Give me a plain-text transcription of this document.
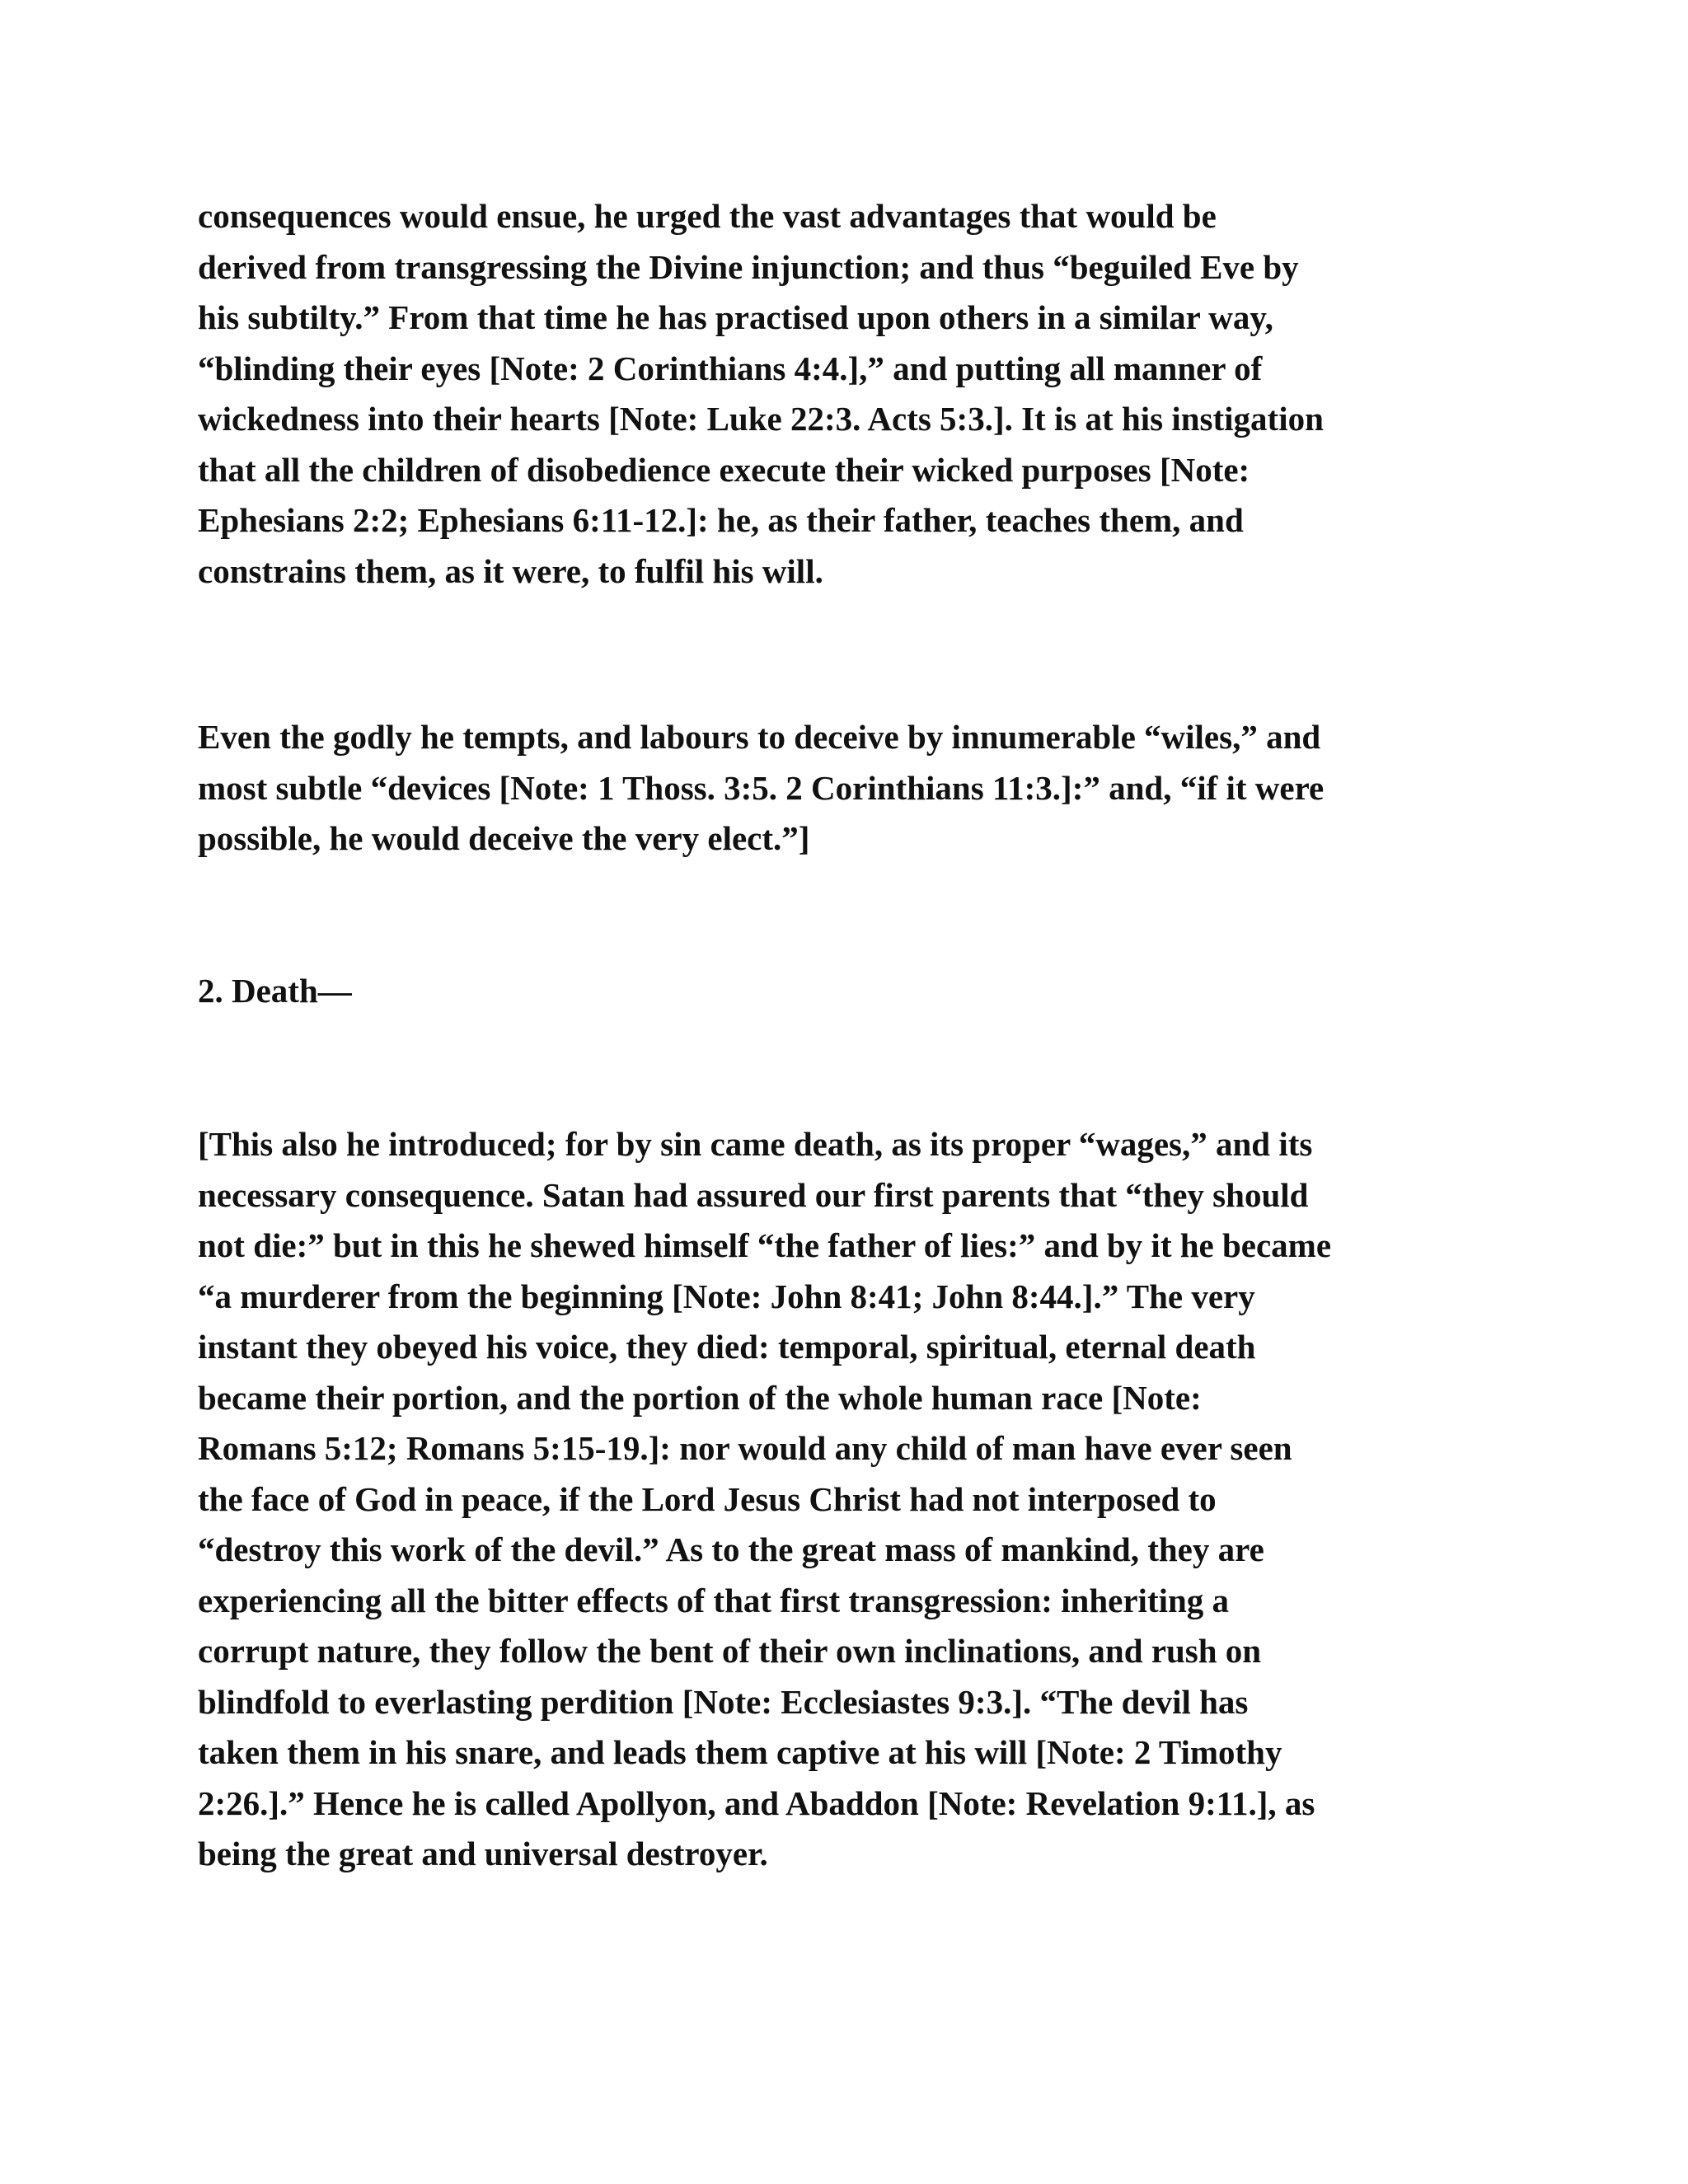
consequences would ensue, he urged the vast advantages that would be
derived from transgressing the Divine injunction; and thus “beguiled Eve by
his subtilty.” From that time he has practised upon others in a similar way,
“blinding their eyes [Note: 2 Corinthians 4:4.],” and putting all manner of
wickedness into their hearts [Note: Luke 22:3. Acts 5:3.]. It is at his instigation
that all the children of disobedience execute their wicked purposes [Note:
Ephesians 2:2; Ephesians 6:11-12.]: he, as their father, teaches them, and
constrains them, as it were, to fulfil his will.

Even the godly he tempts, and labours to deceive by innumerable “wiles,” and
most subtle “devices [Note: 1 Thoss. 3:5. 2 Corinthians 11:3.]:” and, “if it were
possible, he would deceive the very elect.”]

2. Death—

[This also he introduced; for by sin came death, as its proper “wages,” and its
necessary consequence. Satan had assured our first parents that “they should
not die:” but in this he shewed himself “the father of lies:” and by it he became
“a murderer from the beginning [Note: John 8:41; John 8:44.].” The very
instant they obeyed his voice, they died: temporal, spiritual, eternal death
became their portion, and the portion of the whole human race [Note:
Romans 5:12; Romans 5:15-19.]: nor would any child of man have ever seen
the face of God in peace, if the Lord Jesus Christ had not interposed to
“destroy this work of the devil.” As to the great mass of mankind, they are
experiencing all the bitter effects of that first transgression: inheriting a
corrupt nature, they follow the bent of their own inclinations, and rush on
blindfold to everlasting perdition [Note: Ecclesiastes 9:3.]. “The devil has
taken them in his snare, and leads them captive at his will [Note: 2 Timothy
2:26.].” Hence he is called Apollyon, and Abaddon [Note: Revelation 9:11.], as
being the great and universal destroyer.
